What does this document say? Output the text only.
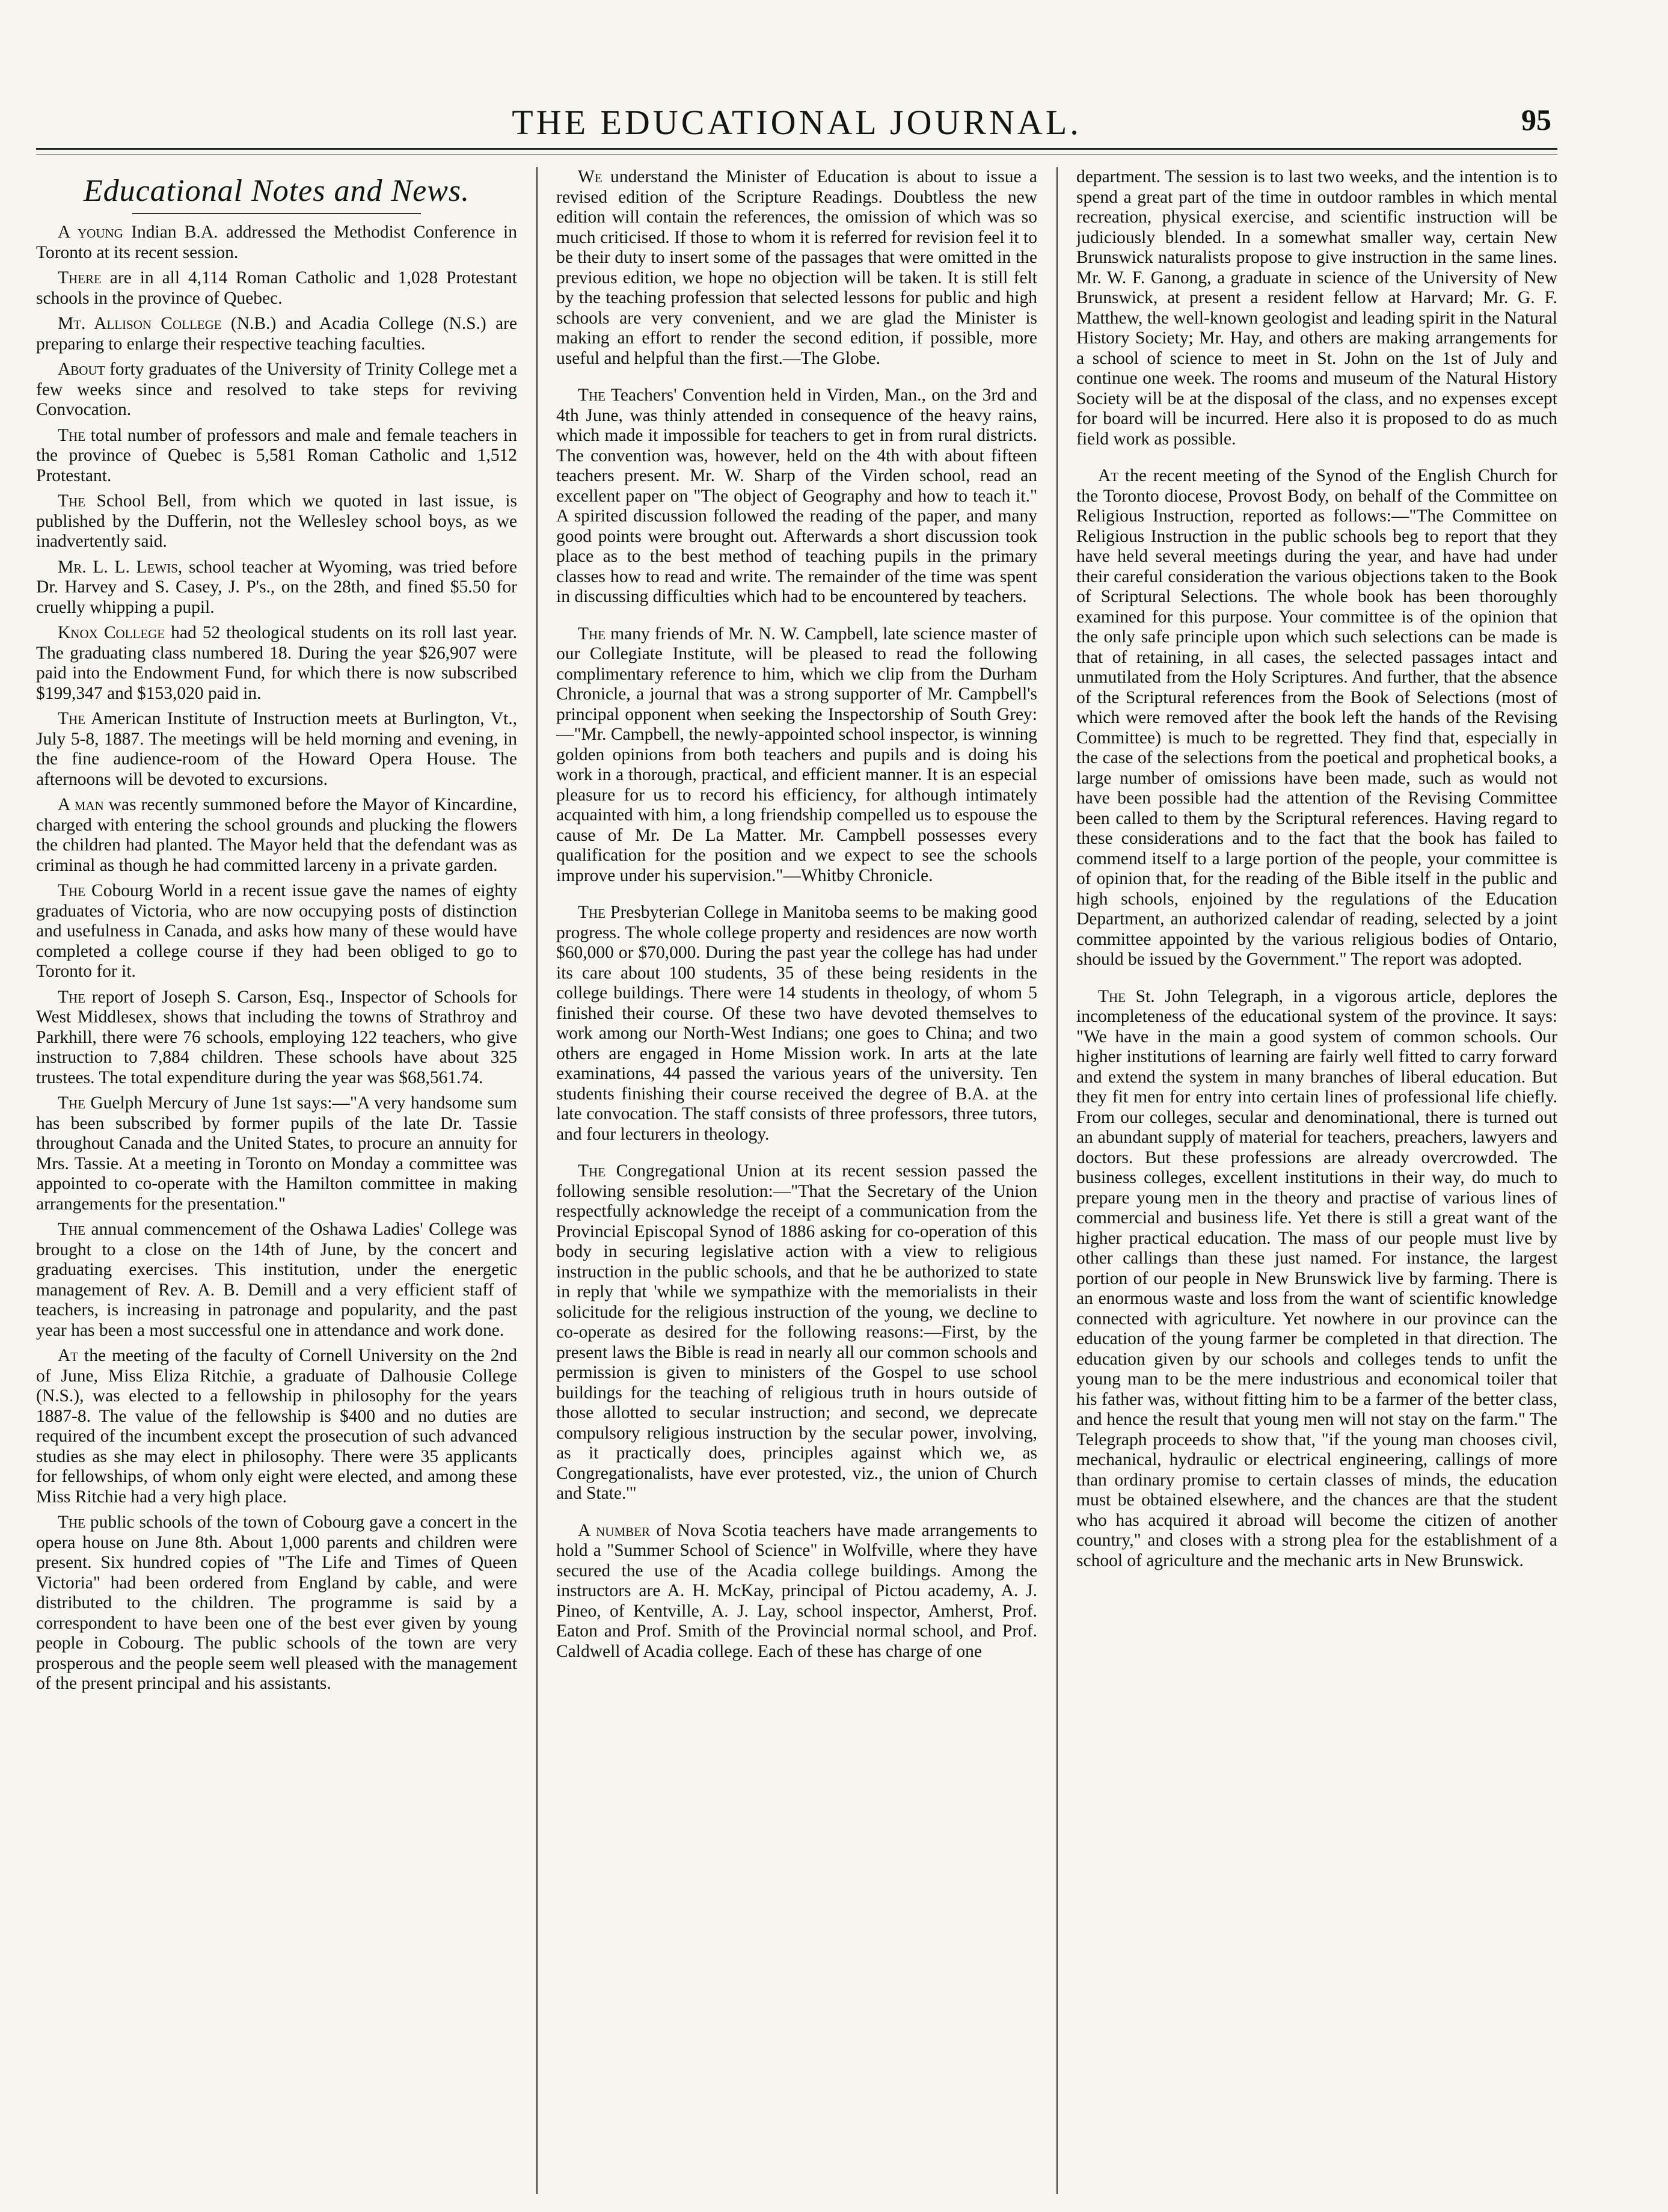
THE EDUCATIONAL JOURNAL.	95
Educational Notes and News.

A young Indian B.A. addressed the Methodist Conference in Toronto at its recent session.

There are in all 4,114 Roman Catholic and 1,028 Protestant schools in the province of Quebec.

Mt. Allison College (N.B.) and Acadia College (N.S.) are preparing to enlarge their respective teaching faculties.

About forty graduates of the University of Trinity College met a few weeks since and resolved to take steps for reviving Convocation.

The total number of professors and male and female teachers in the province of Quebec is 5,581 Roman Catholic and 1,512 Protestant.

The School Bell, from which we quoted in last issue, is published by the Dufferin, not the Wellesley school boys, as we inadvertently said.

Mr. L. L. Lewis, school teacher at Wyoming, was tried before Dr. Harvey and S. Casey, J. P's., on the 28th, and fined $5.50 for cruelly whipping a pupil.

Knox College had 52 theological students on its roll last year. The graduating class numbered 18. During the year $26,907 were paid into the Endowment Fund, for which there is now subscribed $199,347 and $153,020 paid in.

The American Institute of Instruction meets at Burlington, Vt., July 5-8, 1887. The meetings will be held morning and evening, in the fine audience-room of the Howard Opera House. The afternoons will be devoted to excursions.

A man was recently summoned before the Mayor of Kincardine, charged with entering the school grounds and plucking the flowers the children had planted. The Mayor held that the defendant was as criminal as though he had committed larceny in a private garden.

The Cobourg World in a recent issue gave the names of eighty graduates of Victoria, who are now occupying posts of distinction and usefulness in Canada, and asks how many of these would have completed a college course if they had been obliged to go to Toronto for it.

The report of Joseph S. Carson, Esq., Inspector of Schools for West Middlesex, shows that including the towns of Strathroy and Parkhill, there were 76 schools, employing 122 teachers, who give instruction to 7,884 children. These schools have about 325 trustees. The total expenditure during the year was $68,561.74.

The Guelph Mercury of June 1st says:—"A very handsome sum has been subscribed by former pupils of the late Dr. Tassie throughout Canada and the United States, to procure an annuity for Mrs. Tassie. At a meeting in Toronto on Monday a committee was appointed to co-operate with the Hamilton committee in making arrangements for the presentation."

The annual commencement of the Oshawa Ladies' College was brought to a close on the 14th of June, by the concert and graduating exercises. This institution, under the energetic management of Rev. A. B. Demill and a very efficient staff of teachers, is increasing in patronage and popularity, and the past year has been a most successful one in attendance and work done.

At the meeting of the faculty of Cornell University on the 2nd of June, Miss Eliza Ritchie, a graduate of Dalhousie College (N.S.), was elected to a fellowship in philosophy for the years 1887-8. The value of the fellowship is $400 and no duties are required of the incumbent except the prosecution of such advanced studies as she may elect in philosophy. There were 35 applicants for fellowships, of whom only eight were elected, and among these Miss Ritchie had a very high place.

The public schools of the town of Cobourg gave a concert in the opera house on June 8th. About 1,000 parents and children were present. Six hundred copies of "The Life and Times of Queen Victoria" had been ordered from England by cable, and were distributed to the children. The programme is said by a correspondent to have been one of the best ever given by young people in Cobourg. The public schools of the town are very prosperous and the people seem well pleased with the management of the present principal and his assistants.

We understand the Minister of Education is about to issue a revised edition of the Scripture Readings. Doubtless the new edition will contain the references, the omission of which was so much criticised. If those to whom it is referred for revision feel it to be their duty to insert some of the passages that were omitted in the previous edition, we hope no objection will be taken. It is still felt by the teaching profession that selected lessons for public and high schools are very convenient, and we are glad the Minister is making an effort to render the second edition, if possible, more useful and helpful than the first.—The Globe.

The Teachers' Convention held in Virden, Man., on the 3rd and 4th June, was thinly attended in consequence of the heavy rains, which made it impossible for teachers to get in from rural districts. The convention was, however, held on the 4th with about fifteen teachers present. Mr. W. Sharp of the Virden school, read an excellent paper on "The object of Geography and how to teach it." A spirited discussion followed the reading of the paper, and many good points were brought out. Afterwards a short discussion took place as to the best method of teaching pupils in the primary classes how to read and write. The remainder of the time was spent in discussing difficulties which had to be encountered by teachers.

The many friends of Mr. N. W. Campbell, late science master of our Collegiate Institute, will be pleased to read the following complimentary reference to him, which we clip from the Durham Chronicle, a journal that was a strong supporter of Mr. Campbell's principal opponent when seeking the Inspectorship of South Grey:—"Mr. Campbell, the newly-appointed school inspector, is winning golden opinions from both teachers and pupils and is doing his work in a thorough, practical, and efficient manner. It is an especial pleasure for us to record his efficiency, for although intimately acquainted with him, a long friendship compelled us to espouse the cause of Mr. De La Matter. Mr. Campbell possesses every qualification for the position and we expect to see the schools improve under his supervision."—Whitby Chronicle.

The Presbyterian College in Manitoba seems to be making good progress. The whole college property and residences are now worth $60,000 or $70,000. During the past year the college has had under its care about 100 students, 35 of these being residents in the college buildings. There were 14 students in theology, of whom 5 finished their course. Of these two have devoted themselves to work among our North-West Indians; one goes to China; and two others are engaged in Home Mission work. In arts at the late examinations, 44 passed the various years of the university. Ten students finishing their course received the degree of B.A. at the late convocation. The staff consists of three professors, three tutors, and four lecturers in theology.

The Congregational Union at its recent session passed the following sensible resolution:—"That the Secretary of the Union respectfully acknowledge the receipt of a communication from the Provincial Episcopal Synod of 1886 asking for co-operation of this body in securing legislative action with a view to religious instruction in the public schools, and that he be authorized to state in reply that 'while we sympathize with the memorialists in their solicitude for the religious instruction of the young, we decline to co-operate as desired for the following reasons:—First, by the present laws the Bible is read in nearly all our common schools and permission is given to ministers of the Gospel to use school buildings for the teaching of religious truth in hours outside of those allotted to secular instruction; and second, we deprecate compulsory religious instruction by the secular power, involving, as it practically does, principles against which we, as Congregationalists, have ever protested, viz., the union of Church and State.'"

A number of Nova Scotia teachers have made arrangements to hold a "Summer School of Science" in Wolfville, where they have secured the use of the Acadia college buildings. Among the instructors are A. H. McKay, principal of Pictou academy, A. J. Pineo, of Kentville, A. J. Lay, school inspector, Amherst, Prof. Eaton and Prof. Smith of the Provincial normal school, and Prof. Caldwell of Acadia college. Each of these has charge of one

department. The session is to last two weeks, and the intention is to spend a great part of the time in outdoor rambles in which mental recreation, physical exercise, and scientific instruction will be judiciously blended. In a somewhat smaller way, certain New Brunswick naturalists propose to give instruction in the same lines. Mr. W. F. Ganong, a graduate in science of the University of New Brunswick, at present a resident fellow at Harvard; Mr. G. F. Matthew, the well-known geologist and leading spirit in the Natural History Society; Mr. Hay, and others are making arrangements for a school of science to meet in St. John on the 1st of July and continue one week. The rooms and museum of the Natural History Society will be at the disposal of the class, and no expenses except for board will be incurred. Here also it is proposed to do as much field work as possible.

At the recent meeting of the Synod of the English Church for the Toronto diocese, Provost Body, on behalf of the Committee on Religious Instruction, reported as follows:—"The Committee on Religious Instruction in the public schools beg to report that they have held several meetings during the year, and have had under their careful consideration the various objections taken to the Book of Scriptural Selections. The whole book has been thoroughly examined for this purpose. Your committee is of the opinion that the only safe principle upon which such selections can be made is that of retaining, in all cases, the selected passages intact and unmutilated from the Holy Scriptures. And further, that the absence of the Scriptural references from the Book of Selections (most of which were removed after the book left the hands of the Revising Committee) is much to be regretted. They find that, especially in the case of the selections from the poetical and prophetical books, a large number of omissions have been made, such as would not have been possible had the attention of the Revising Committee been called to them by the Scriptural references. Having regard to these considerations and to the fact that the book has failed to commend itself to a large portion of the people, your committee is of opinion that, for the reading of the Bible itself in the public and high schools, enjoined by the regulations of the Education Department, an authorized calendar of reading, selected by a joint committee appointed by the various religious bodies of Ontario, should be issued by the Government." The report was adopted.

The St. John Telegraph, in a vigorous article, deplores the incompleteness of the educational system of the province. It says: "We have in the main a good system of common schools. Our higher institutions of learning are fairly well fitted to carry forward and extend the system in many branches of liberal education. But they fit men for entry into certain lines of professional life chiefly. From our colleges, secular and denominational, there is turned out an abundant supply of material for teachers, preachers, lawyers and doctors. But these professions are already overcrowded. The business colleges, excellent institutions in their way, do much to prepare young men in the theory and practise of various lines of commercial and business life. Yet there is still a great want of the higher practical education. The mass of our people must live by other callings than these just named. For instance, the largest portion of our people in New Brunswick live by farming. There is an enormous waste and loss from the want of scientific knowledge connected with agriculture. Yet nowhere in our province can the education of the young farmer be completed in that direction. The education given by our schools and colleges tends to unfit the young man to be the mere industrious and economical toiler that his father was, without fitting him to be a farmer of the better class, and hence the result that young men will not stay on the farm." The Telegraph proceeds to show that, "if the young man chooses civil, mechanical, hydraulic or electrical engineering, callings of more than ordinary promise to certain classes of minds, the education must be obtained elsewhere, and the chances are that the student who has acquired it abroad will become the citizen of another country," and closes with a strong plea for the establishment of a school of agriculture and the mechanic arts in New Brunswick.
